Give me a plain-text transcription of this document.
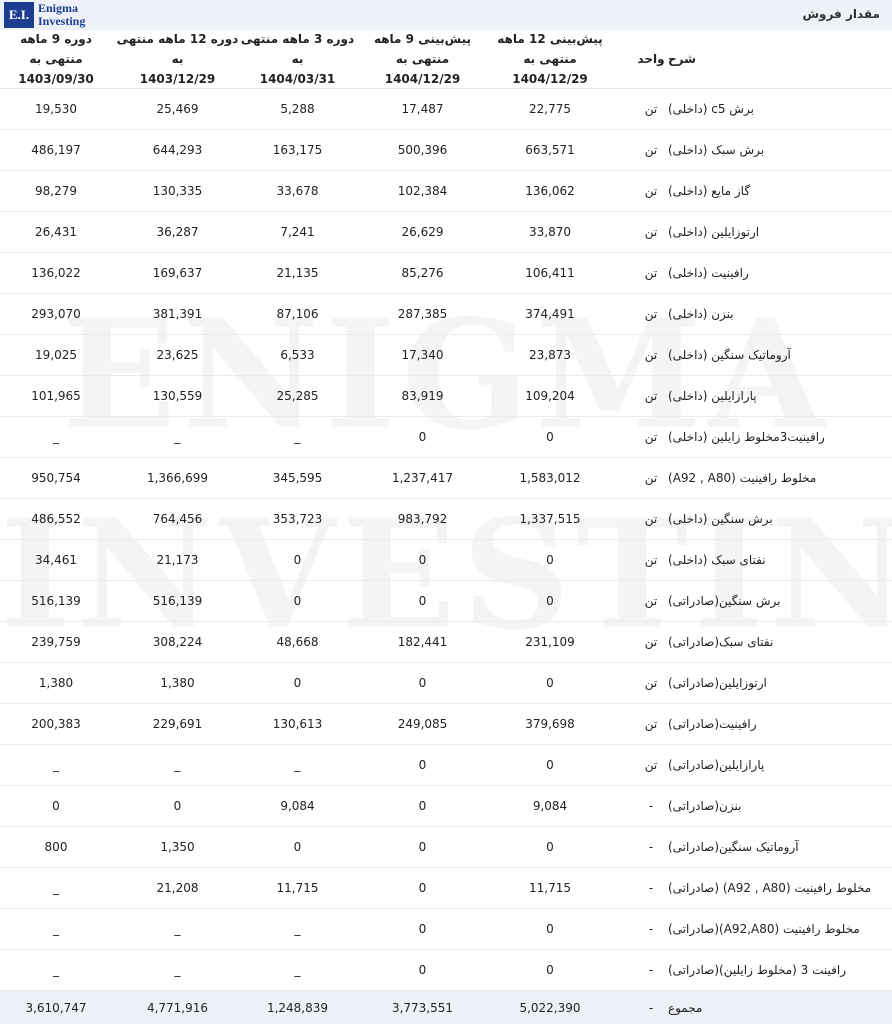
E.I. Enigma
Investing	مقدار فروش
شرح
واحد
پیش‌بینی 12 ماهه منتهی به
1404/12/29
پیش‌بینی 9 ماهه منتهی به
1404/12/29
دوره 3 ماهه منتهی به
1404/03/31
دوره 12 ماهه منتهی به
1403/12/29
دوره 9 ماهه منتهی به
1403/09/30
برش c5 (داخلی)
تن
22,775
17,487
5,288
25,469
19,530
برش سبک (داخلی)
تن
663,571
500,396
163,175
644,293
486,197
گاز مایع (داخلی)
تن
136,062
102,384
33,678
130,335
98,279
ارتوزایلین (داخلی)
تن
33,870
26,629
7,241
36,287
26,431
رافینیت (داخلی)
تن
106,411
85,276
21,135
169,637
136,022
بنزن (داخلی)
تن
374,491
287,385
87,106
381,391
293,070
آروماتیک سنگین (داخلی)
تن
23,873
17,340
6,533
23,625
19,025
پارازایلین (داخلی)
تن
109,204
83,919
25,285
130,559
101,965
رافینیت3مخلوط زایلین (داخلی)
تن
0
0
_
_
_
مخلوط رافینیت (A92 , A80)
تن
1,583,012
1,237,417
345,595
1,366,699
950,754
برش سنگین (داخلی)
تن
1,337,515
983,792
353,723
764,456
486,552
نفتای سبک (داخلی)
تن
0
0
0
21,173
34,461
برش سنگین(صادراتی)
تن
0
0
0
516,139
516,139
نفتای سبک(صادراتی)
تن
231,109
182,441
48,668
308,224
239,759
ارتوزایلین(صادراتی)
تن
0
0
0
1,380
1,380
رافینیت(صادراتی)
تن
379,698
249,085
130,613
229,691
200,383
پارازایلین(صادراتی)
تن
0
0
_
_
_
بنزن(صادراتی)
-
9,084
0
9,084
0
0
آروماتیک سنگین(صادراتی)
-
0
0
0
1,350
800
مخلوط رافینیت (A92 , A80) (صادراتی)
-
11,715
0
11,715
21,208
_
مخلوط رافینیت (A92,A80)(صادراتی)
-
0
0
_
_
_
رافینت 3 (مخلوط زایلین)(صادراتی)
-
0
0
_
_
_
مجموع
-
5,022,390
3,773,551
1,248,839
4,771,916
3,610,747
